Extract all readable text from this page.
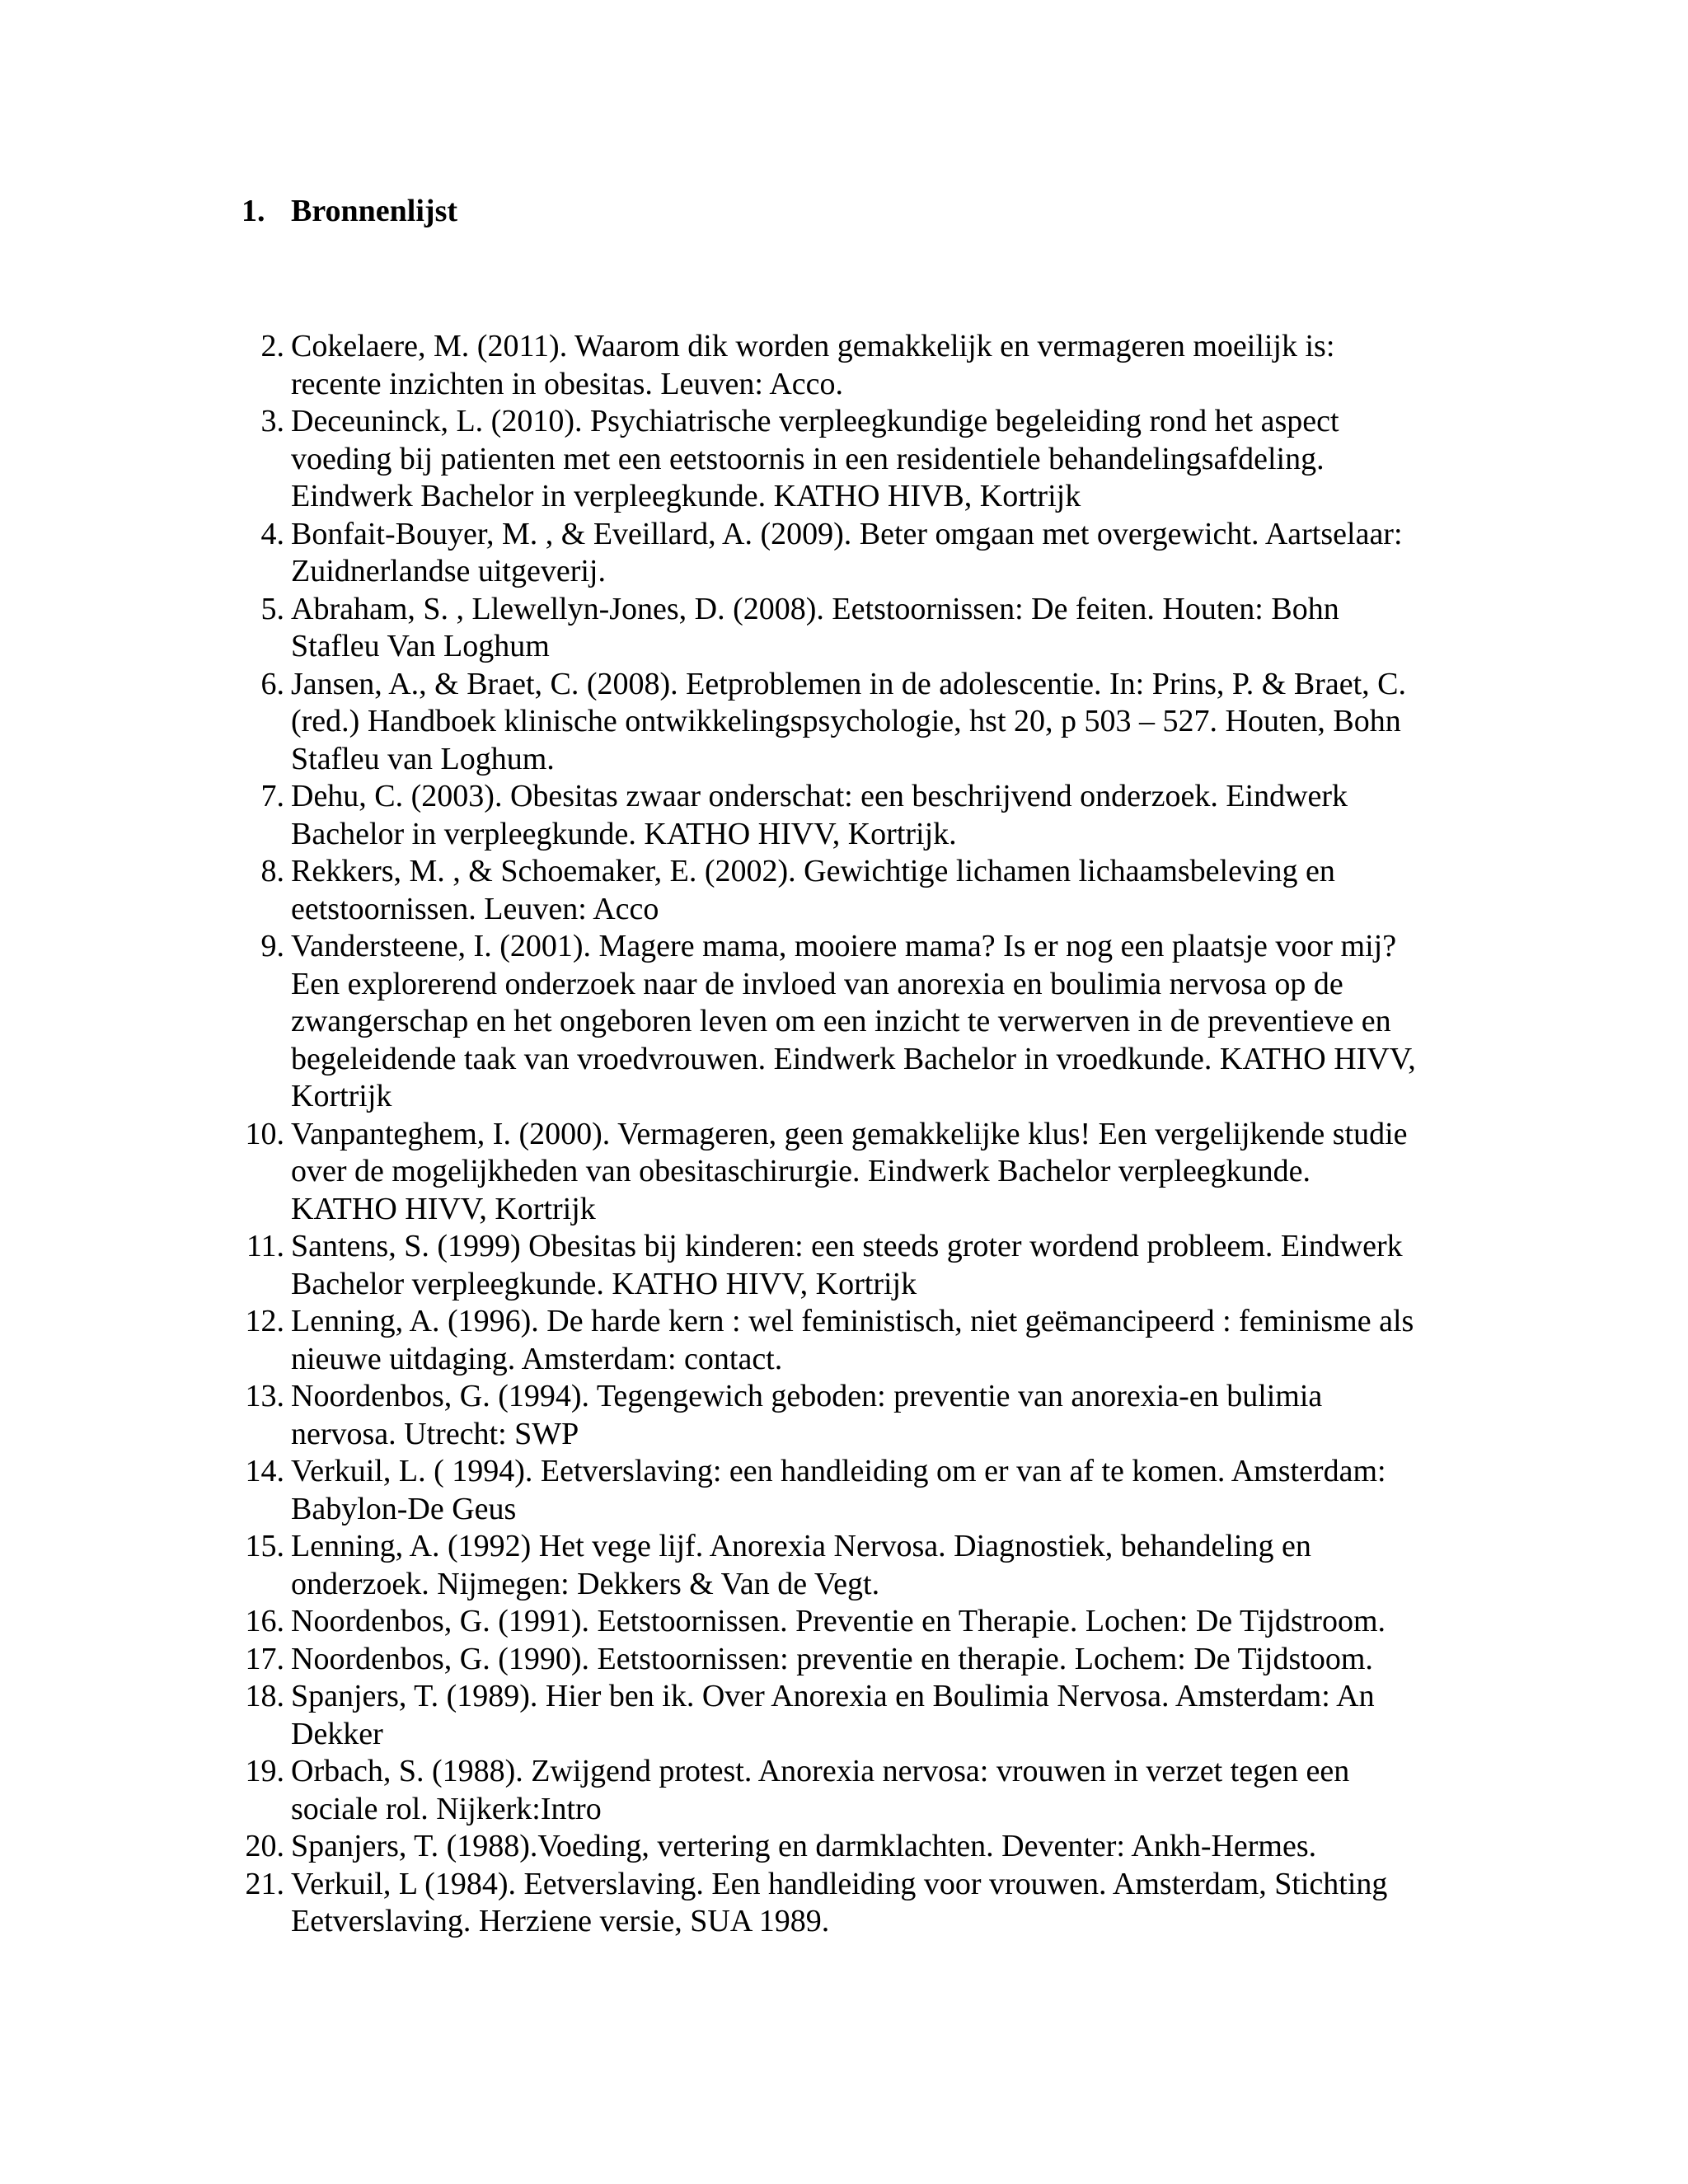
1. Bronnenlijst
2. Cokelaere, M. (2011). Waarom dik worden gemakkelijk en vermageren moeilijk is:
recente inzichten in obesitas. Leuven: Acco.
3. Deceuninck, L. (2010). Psychiatrische verpleegkundige begeleiding rond het aspect
voeding bij patienten met een eetstoornis in een residentiele behandelingsafdeling.
Eindwerk Bachelor in verpleegkunde. KATHO HIVB, Kortrijk
4. Bonfait-Bouyer, M. , & Eveillard, A. (2009). Beter omgaan met overgewicht. Aartselaar:
Zuidnerlandse uitgeverij.
5. Abraham, S. , Llewellyn-Jones, D. (2008). Eetstoornissen: De feiten. Houten: Bohn
Stafleu Van Loghum
6. Jansen, A., & Braet, C. (2008). Eetproblemen in de adolescentie. In: Prins, P. & Braet, C.
(red.) Handboek klinische ontwikkelingspsychologie, hst 20, p 503 – 527. Houten, Bohn
Stafleu van Loghum.
7. Dehu, C. (2003). Obesitas zwaar onderschat: een beschrijvend onderzoek. Eindwerk
Bachelor in verpleegkunde. KATHO HIVV, Kortrijk.
8. Rekkers, M. , & Schoemaker, E. (2002). Gewichtige lichamen lichaamsbeleving en
eetstoornissen. Leuven: Acco
9. Vandersteene, I. (2001). Magere mama, mooiere mama? Is er nog een plaatsje voor mij?
Een explorerend onderzoek naar de invloed van anorexia en boulimia nervosa op de
zwangerschap en het ongeboren leven om een inzicht te verwerven in de preventieve en
begeleidende taak van vroedvrouwen. Eindwerk Bachelor in vroedkunde. KATHO HIVV,
Kortrijk
10. Vanpanteghem, I. (2000). Vermageren, geen gemakkelijke klus! Een vergelijkende studie
over de mogelijkheden van obesitaschirurgie. Eindwerk Bachelor verpleegkunde.
KATHO HIVV, Kortrijk
11. Santens, S. (1999) Obesitas bij kinderen: een steeds groter wordend probleem. Eindwerk
Bachelor verpleegkunde. KATHO HIVV, Kortrijk
12. Lenning, A. (1996). De harde kern : wel feministisch, niet geëmancipeerd : feminisme als
nieuwe uitdaging. Amsterdam: contact.
13. Noordenbos, G. (1994). Tegengewich geboden: preventie van anorexia-en bulimia
nervosa. Utrecht: SWP
14. Verkuil, L. ( 1994). Eetverslaving: een handleiding om er van af te komen. Amsterdam:
Babylon-De Geus
15. Lenning, A. (1992) Het vege lijf. Anorexia Nervosa. Diagnostiek, behandeling en
onderzoek. Nijmegen: Dekkers & Van de Vegt.
16. Noordenbos, G. (1991). Eetstoornissen. Preventie en Therapie. Lochen: De Tijdstroom.
17. Noordenbos, G. (1990). Eetstoornissen: preventie en therapie. Lochem: De Tijdstoom.
18. Spanjers, T. (1989). Hier ben ik. Over Anorexia en Boulimia Nervosa. Amsterdam: An
Dekker
19. Orbach, S. (1988). Zwijgend protest. Anorexia nervosa: vrouwen in verzet tegen een
sociale rol. Nijkerk:Intro
20. Spanjers, T. (1988).Voeding, vertering en darmklachten. Deventer: Ankh-Hermes.
21. Verkuil, L (1984). Eetverslaving. Een handleiding voor vrouwen. Amsterdam, Stichting
Eetverslaving. Herziene versie, SUA 1989.
